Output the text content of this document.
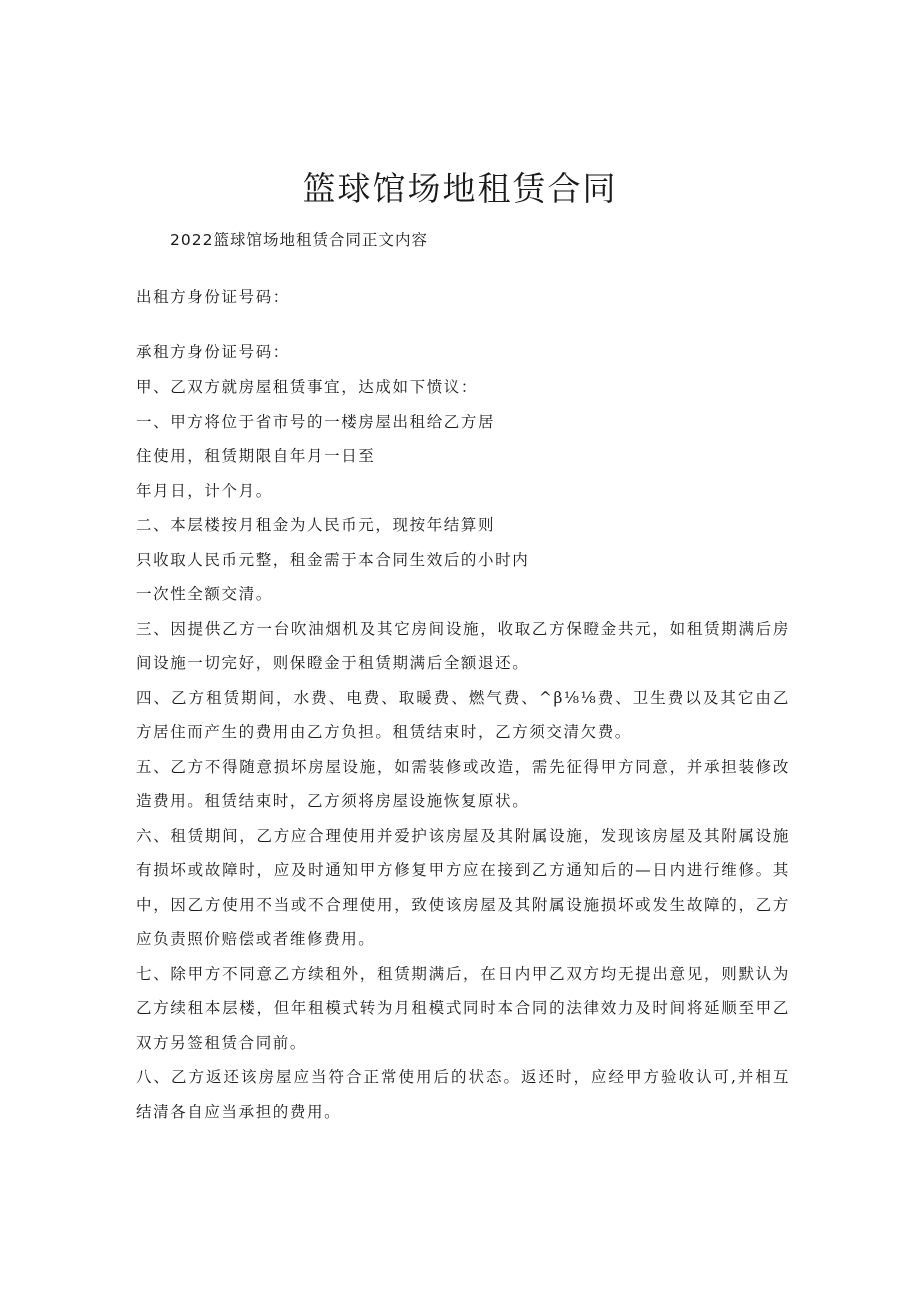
篮球馆场地租赁合同
2022篮球馆场地租赁合同正文内容
出租方身份证号码：
承租方身份证号码：

甲、乙双方就房屋租赁事宜，达成如下愤议：

一、甲方将位于省市号的一楼房屋出租给乙方居

住使用，租赁期限自年月一日至

年月日，计个月。

二、本层楼按月租金为人民币元，现按年结算则

只收取人民币元整，租金需于本合同生效后的小时内

一次性全额交清。

三、因提供乙方一台吹油烟机及其它房间设施，收取乙方保瞪金共元，如租赁期满后房间设施一切完好，则保瞪金于租赁期满后全额退还。

四、乙方租赁期间，水费、电费、取暖费、燃气费、^β⅛⅛费、卫生费以及其它由乙方居住而产生的费用由乙方负担。租赁结束时，乙方须交清欠费。

五、乙方不得随意损坏房屋设施，如需装修或改造，需先征得甲方同意，并承担装修改造费用。租赁结束时，乙方须将房屋设施恢复原状。

六、租赁期间，乙方应合理使用并爱护该房屋及其附属设施，发现该房屋及其附属设施有损坏或故障时，应及时通知甲方修复甲方应在接到乙方通知后的—日内进行维修。其中，因乙方使用不当或不合理使用，致使该房屋及其附属设施损坏或发生故障的，乙方应负责照价赔偿或者维修费用。

七、除甲方不同意乙方续租外，租赁期满后，在日内甲乙双方均无提出意见，则默认为乙方续租本层楼，但年租模式转为月租模式同时本合同的法律效力及时间将延顺至甲乙双方另签租赁合同前。

八、乙方返还该房屋应当符合正常使用后的状态。返还时，应经甲方验收认可,并相互结清各自应当承担的费用。
